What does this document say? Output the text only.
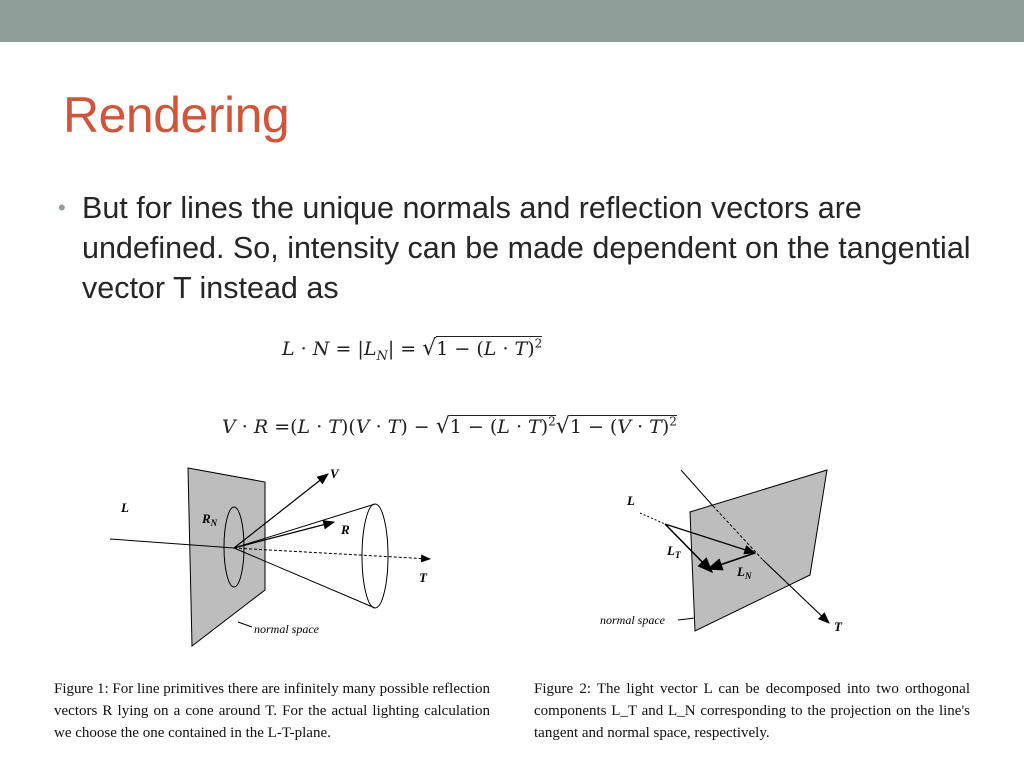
Rendering
• But for lines the unique normals and reflection vectors are undefined. So, intensity can be made dependent on the tangential vector T instead as
$L \cdot N = |L_N| = √1 - (L \cdot T)^2$
$V \cdot R =(L \cdot T)(V \cdot T) - √1 - (L \cdot T)^2√1 - (V \cdot T)^2$
L
V
$R_N$	R
T
normal space
L
$L_T$
$L_N$
T
normal space
Figure 1: For line primitives there are infinitely many possible reflection vectors R lying on a cone around T. For the actual lighting calculation we choose the one contained in the L-T-plane.
Figure 2: The light vector L can be decomposed into two orthogonal components L_T and L_N corresponding to the projection on the line's tangent and normal space, respectively.
